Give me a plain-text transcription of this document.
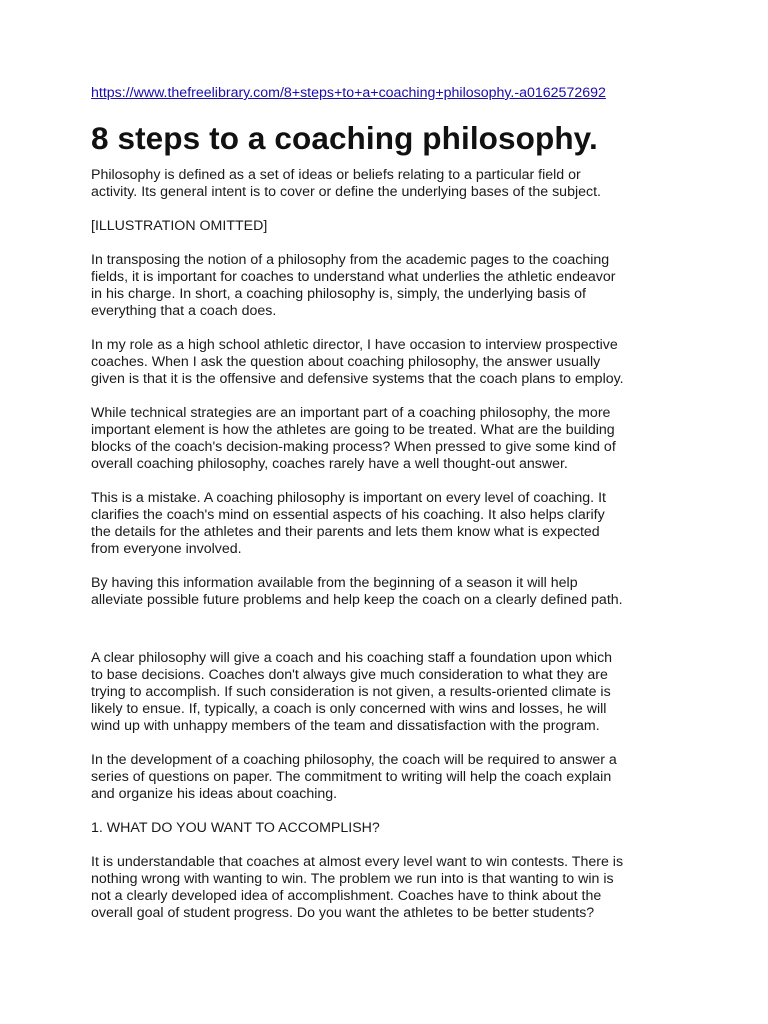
https://www.thefreelibrary.com/8+steps+to+a+coaching+philosophy.-a0162572692
8 steps to a coaching philosophy.

Philosophy is defined as a set of ideas or beliefs relating to a particular field or
activity. Its general intent is to cover or define the underlying bases of the subject.

[ILLUSTRATION OMITTED]

In transposing the notion of a philosophy from the academic pages to the coaching
fields, it is important for coaches to understand what underlies the athletic endeavor
in his charge. In short, a coaching philosophy is, simply, the underlying basis of
everything that a coach does.

In my role as a high school athletic director, I have occasion to interview prospective
coaches. When I ask the question about coaching philosophy, the answer usually
given is that it is the offensive and defensive systems that the coach plans to employ.

While technical strategies are an important part of a coaching philosophy, the more
important element is how the athletes are going to be treated. What are the building
blocks of the coach's decision-making process? When pressed to give some kind of
overall coaching philosophy, coaches rarely have a well thought-out answer.

This is a mistake. A coaching philosophy is important on every level of coaching. It
clarifies the coach's mind on essential aspects of his coaching. It also helps clarify
the details for the athletes and their parents and lets them know what is expected
from everyone involved.

By having this information available from the beginning of a season it will help
alleviate possible future problems and help keep the coach on a clearly defined path.

A clear philosophy will give a coach and his coaching staff a foundation upon which
to base decisions. Coaches don't always give much consideration to what they are
trying to accomplish. If such consideration is not given, a results-oriented climate is
likely to ensue. If, typically, a coach is only concerned with wins and losses, he will
wind up with unhappy members of the team and dissatisfaction with the program.

In the development of a coaching philosophy, the coach will be required to answer a
series of questions on paper. The commitment to writing will help the coach explain
and organize his ideas about coaching.

1. WHAT DO YOU WANT TO ACCOMPLISH?

It is understandable that coaches at almost every level want to win contests. There is
nothing wrong with wanting to win. The problem we run into is that wanting to win is
not a clearly developed idea of accomplishment. Coaches have to think about the
overall goal of student progress. Do you want the athletes to be better students?
